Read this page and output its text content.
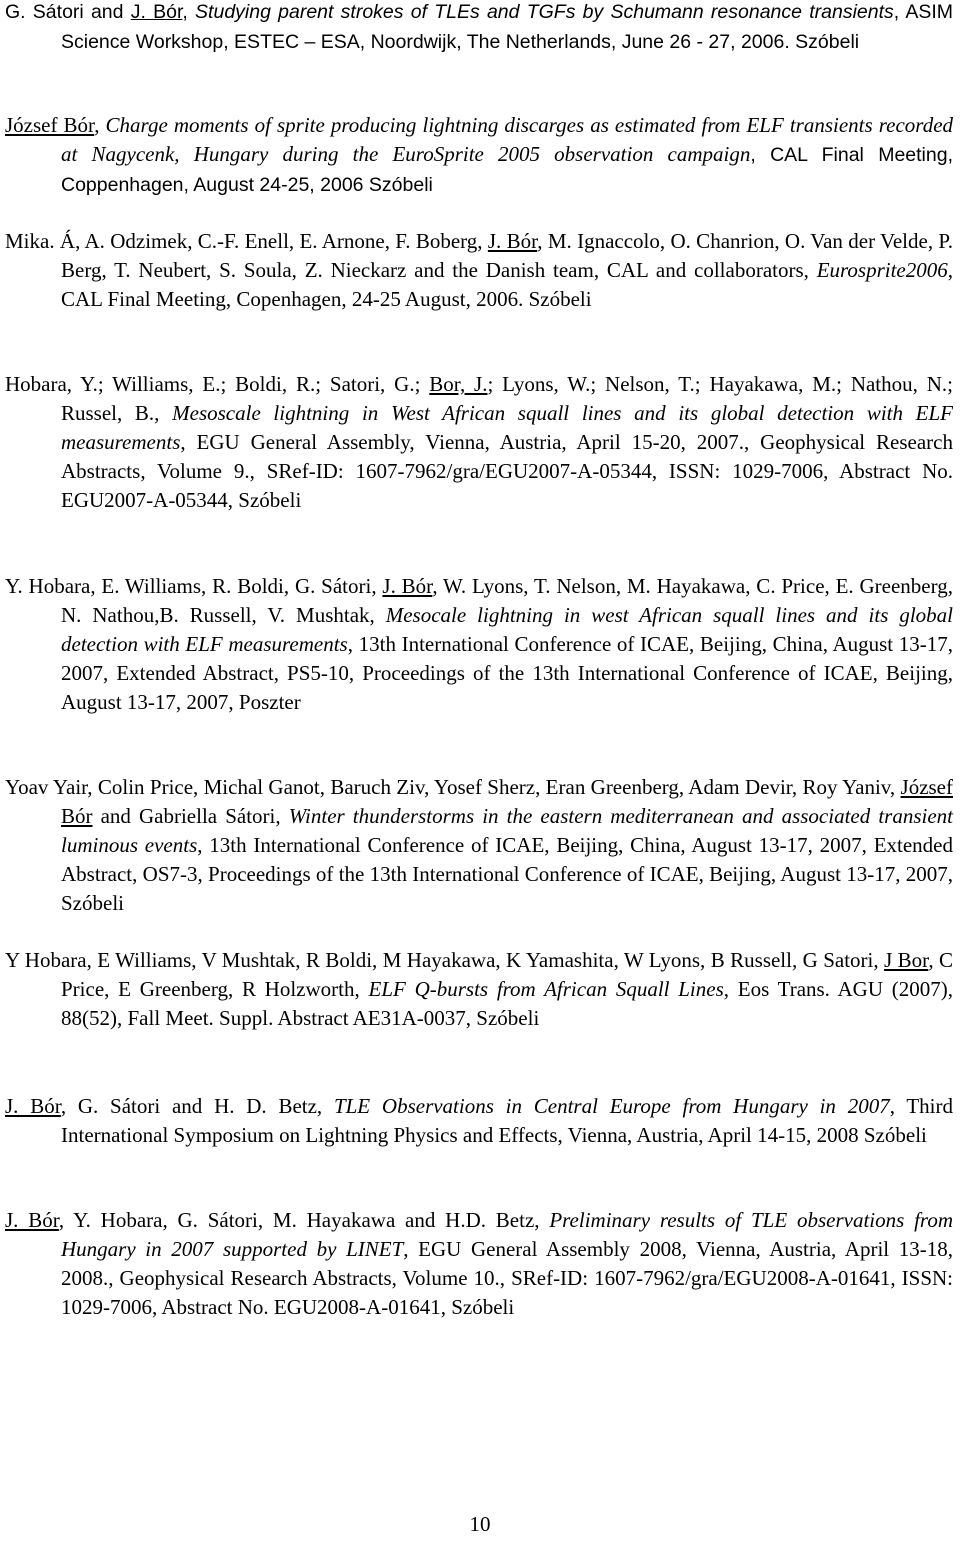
G. Sátori and J. Bór, Studying parent strokes of TLEs and TGFs by Schumann resonance transients, ASIM Science Workshop, ESTEC – ESA, Noordwijk, The Netherlands, June 26 - 27, 2006. Szóbeli
József Bór, Charge moments of sprite producing lightning discarges as estimated from ELF transients recorded at Nagycenk, Hungary during the EuroSprite 2005 observation campaign, CAL Final Meeting, Coppenhagen, August 24-25, 2006 Szóbeli
Mika. Á, A. Odzimek, C.-F. Enell, E. Arnone, F. Boberg, J. Bór, M. Ignaccolo, O. Chanrion, O. Van der Velde, P. Berg, T. Neubert, S. Soula, Z. Nieckarz and the Danish team, CAL and collaborators, Eurosprite2006, CAL Final Meeting, Copenhagen, 24-25 August, 2006. Szóbeli
Hobara, Y.; Williams, E.; Boldi, R.; Satori, G.; Bor, J.; Lyons, W.; Nelson, T.; Hayakawa, M.; Nathou, N.; Russel, B., Mesoscale lightning in West African squall lines and its global detection with ELF measurements, EGU General Assembly, Vienna, Austria, April 15-20, 2007., Geophysical Research Abstracts, Volume 9., SRef-ID: 1607-7962/gra/EGU2007-A-05344, ISSN: 1029-7006, Abstract No. EGU2007-A-05344, Szóbeli
Y. Hobara, E. Williams, R. Boldi, G. Sátori, J. Bór, W. Lyons, T. Nelson, M. Hayakawa, C. Price, E. Greenberg, N. Nathou,B. Russell, V. Mushtak, Mesocale lightning in west African squall lines and its global detection with ELF measurements, 13th International Conference of ICAE, Beijing, China, August 13-17, 2007, Extended Abstract, PS5-10, Proceedings of the 13th International Conference of ICAE, Beijing, August 13-17, 2007, Poszter
Yoav Yair, Colin Price, Michal Ganot, Baruch Ziv, Yosef Sherz, Eran Greenberg, Adam Devir, Roy Yaniv, József Bór and Gabriella Sátori, Winter thunderstorms in the eastern mediterranean and associated transient luminous events, 13th International Conference of ICAE, Beijing, China, August 13-17, 2007, Extended Abstract, OS7-3, Proceedings of the 13th International Conference of ICAE, Beijing, August 13-17, 2007, Szóbeli
Y Hobara, E Williams, V Mushtak, R Boldi, M Hayakawa, K Yamashita, W Lyons, B Russell, G Satori, J Bor, C Price, E Greenberg, R Holzworth, ELF Q-bursts from African Squall Lines, Eos Trans. AGU (2007), 88(52), Fall Meet. Suppl. Abstract AE31A-0037, Szóbeli
J. Bór, G. Sátori and H. D. Betz, TLE Observations in Central Europe from Hungary in 2007, Third International Symposium on Lightning Physics and Effects, Vienna, Austria, April 14-15, 2008 Szóbeli
J. Bór, Y. Hobara, G. Sátori, M. Hayakawa and H.D. Betz, Preliminary results of TLE observations from Hungary in 2007 supported by LINET, EGU General Assembly 2008, Vienna, Austria, April 13-18, 2008., Geophysical Research Abstracts, Volume 10., SRef-ID: 1607-7962/gra/EGU2008-A-01641, ISSN: 1029-7006, Abstract No. EGU2008-A-01641, Szóbeli
10
